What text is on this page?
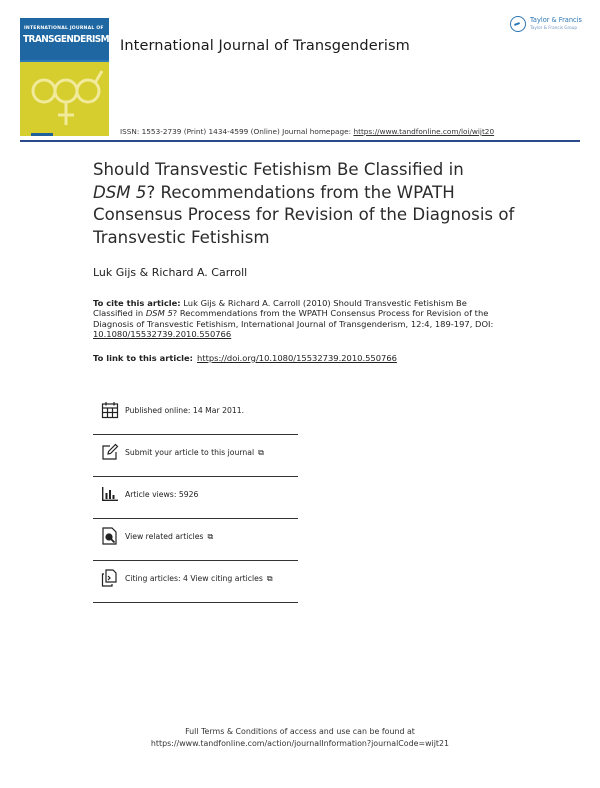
INTERNATIONAL JOURNAL OF
TRANSGENDERISM International Journal of Transgenderism
Taylor & Francis
Taylor & Francis Group
ISSN: 1553-2739 (Print) 1434-4599 (Online) Journal homepage: https://www.tandfonline.com/loi/wijt20
Should Transvestic Fetishism Be Classified in
DSM 5? Recommendations from the WPATH Consensus Process for Revision of the Diagnosis of Transvestic Fetishism
Luk Gijs & Richard A. Carroll
To cite this article: Luk Gijs & Richard A. Carroll (2010) Should Transvestic Fetishism Be Classified in DSM 5? Recommendations from the WPATH Consensus Process for Revision of the Diagnosis of Transvestic Fetishism, International Journal of Transgenderism, 12:4, 189-197, DOI: 10.1080/15532739.2010.550766
To link to this article: https://doi.org/10.1080/15532739.2010.550766
Published online: 14 Mar 2011.
Submit your article to this journal ⧉
Article views: 5926
View related articles ⧉
Citing articles: 4 View citing articles ⧉
Full Terms & Conditions of access and use can be found at
https://www.tandfonline.com/action/journalInformation?journalCode=wijt21
